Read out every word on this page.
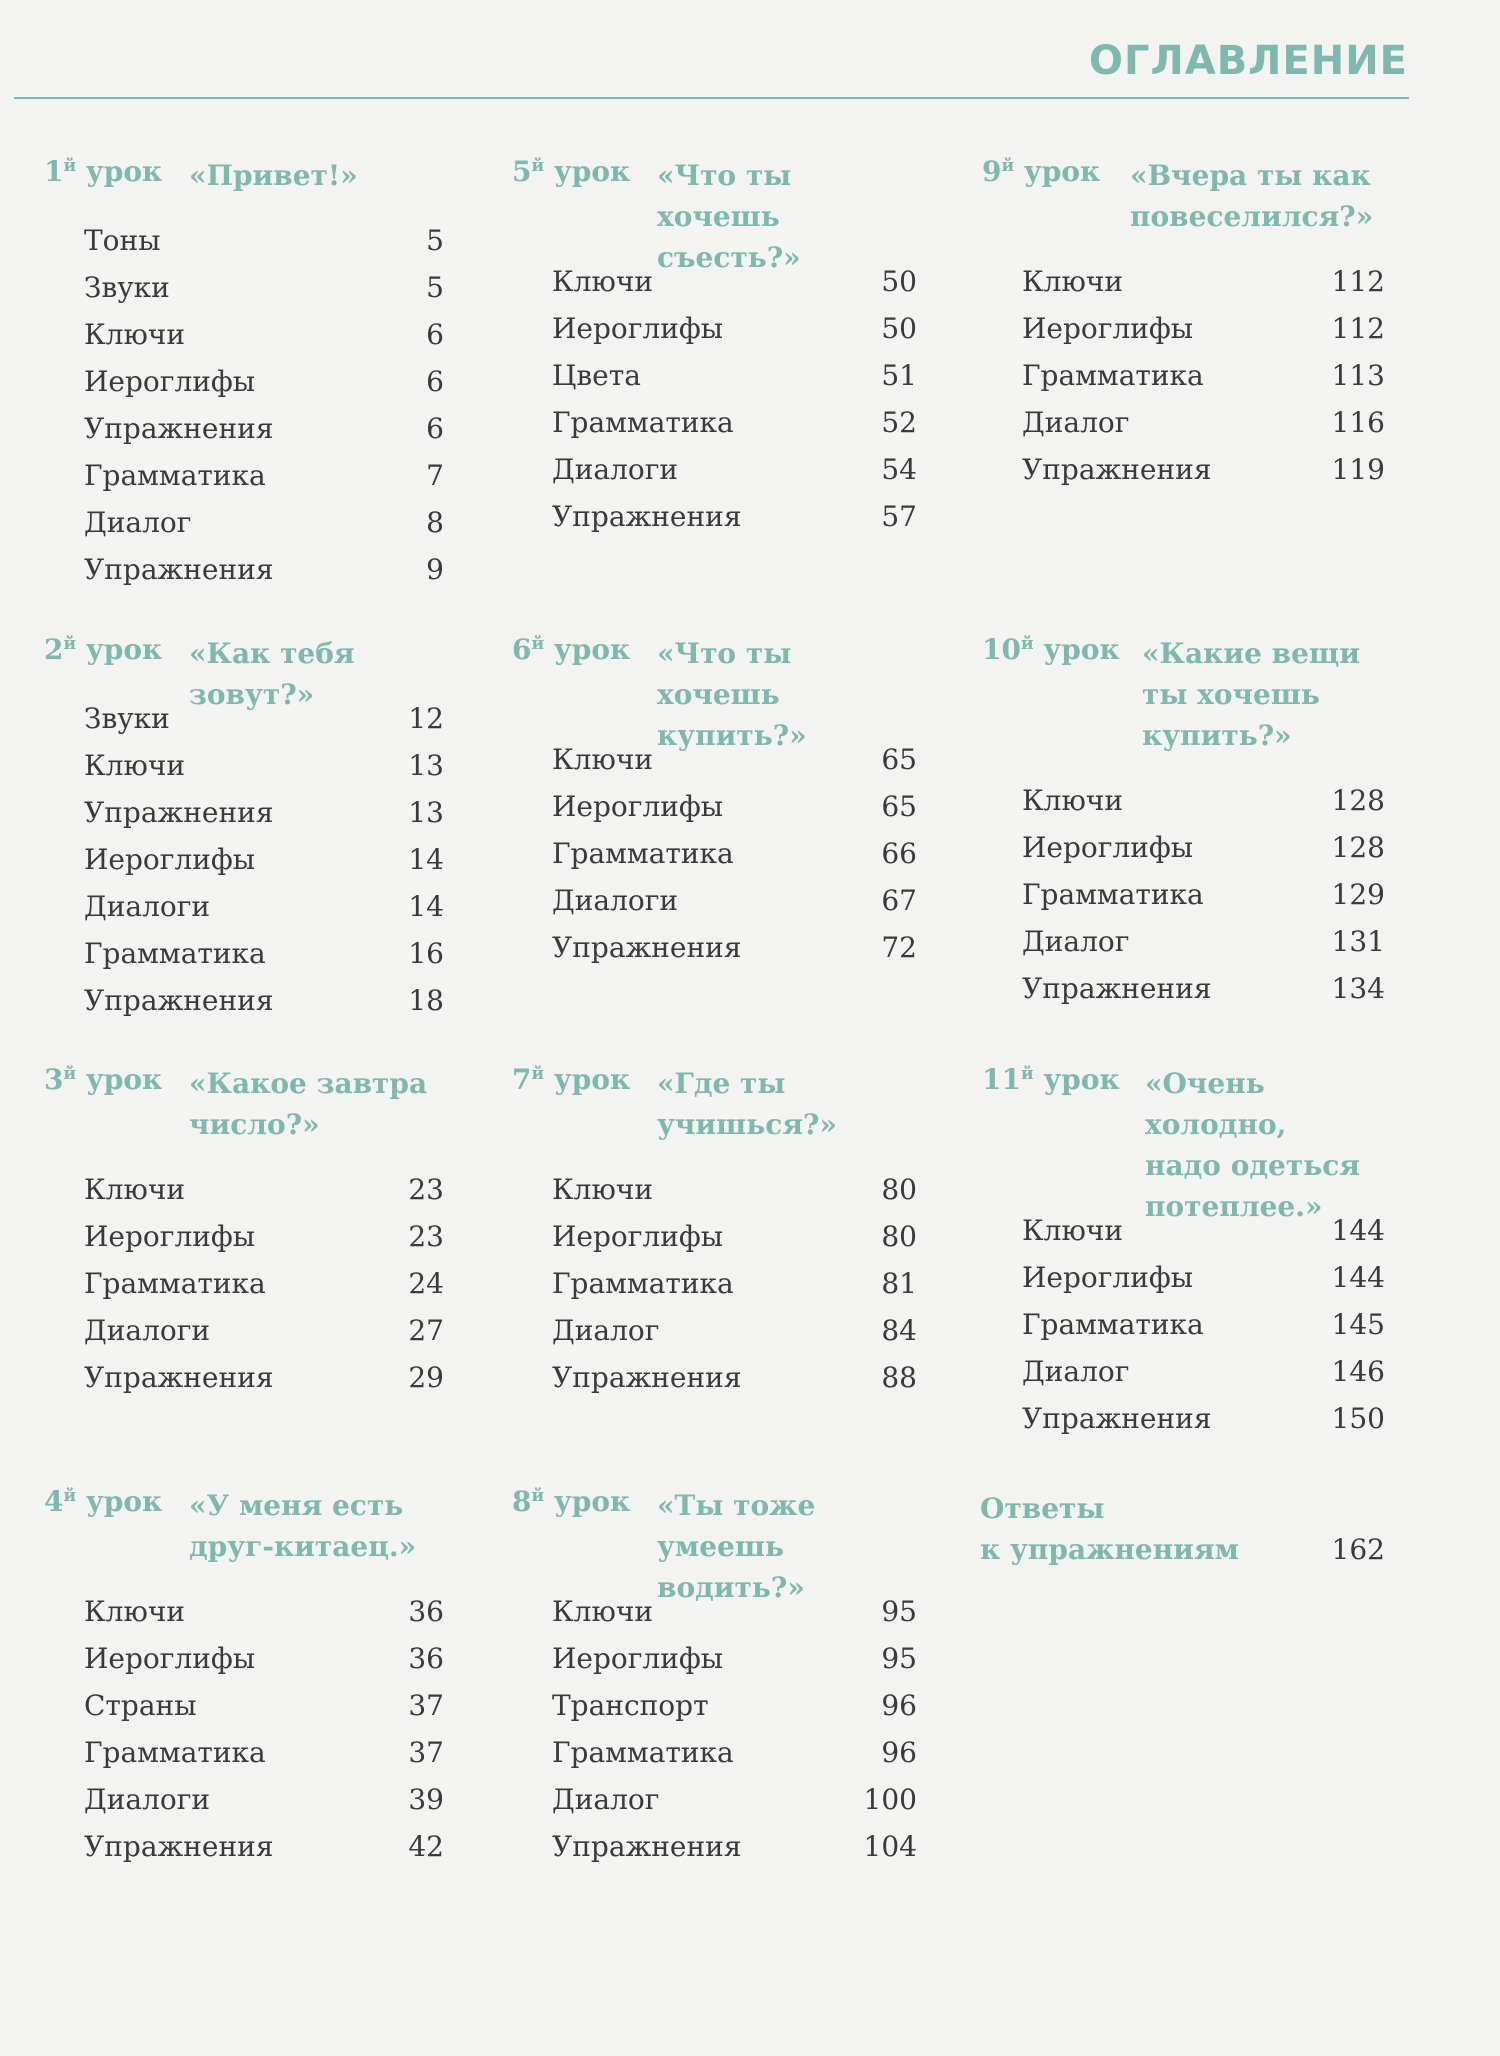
ОГЛАВЛЕНИЕ
$1^й$ урок «Привет!»
Тоны	5
Звуки	5
Ключи	6
Иероглифы	6
Упражнения	6
Грамматика	7
Диалог	8
Упражнения	9
$2^й$ урок «Как тебя зовут?»
Звуки	12
Ключи	13
Упражнения	13
Иероглифы	14
Диалоги	14
Грамматика	16
Упражнения	18
$3^й$ урок «Какое завтра
число?»
Ключи	23
Иероглифы	23
Грамматика	24
Диалоги	27
Упражнения	29
$4^й$ урок «У меня есть
друг-китаец.»
Ключи	36
Иероглифы	36
Страны	37
Грамматика	37
Диалоги	39
Упражнения	42
$5^й$ урок «Что ты хочешь
съесть?»
Ключи	50
Иероглифы	50
Цвета	51
Грамматика	52
Диалоги	54
Упражнения	57
$6^й$ урок «Что ты хочешь
купить?»
Ключи	65
Иероглифы	65
Грамматика	66
Диалоги	67
Упражнения	72
$7^й$ урок «Где ты
учишься?»
Ключи	80
Иероглифы	80
Грамматика	81
Диалог	84
Упражнения	88
$8^й$ урок «Ты тоже
умеешь водить?»
Ключи	95
Иероглифы	95
Транспорт	96
Грамматика	96
Диалог	100
Упражнения	104
$9^й$ урок «Вчера ты как
повеселился?»
Ключи	112
Иероглифы	112
Грамматика	113
Диалог	116
Упражнения	119
$10^й$ урок «Какие вещи
ты хочешь
купить?»
Ключи	128
Иероглифы	128
Грамматика	129
Диалог	131
Упражнения	134
$11^й$ урок «Очень холодно,
надо одеться
потеплее.»
Ключи	144
Иероглифы	144
Грамматика	145
Диалог	146
Упражнения	150
Ответы
к упражнениям	162
